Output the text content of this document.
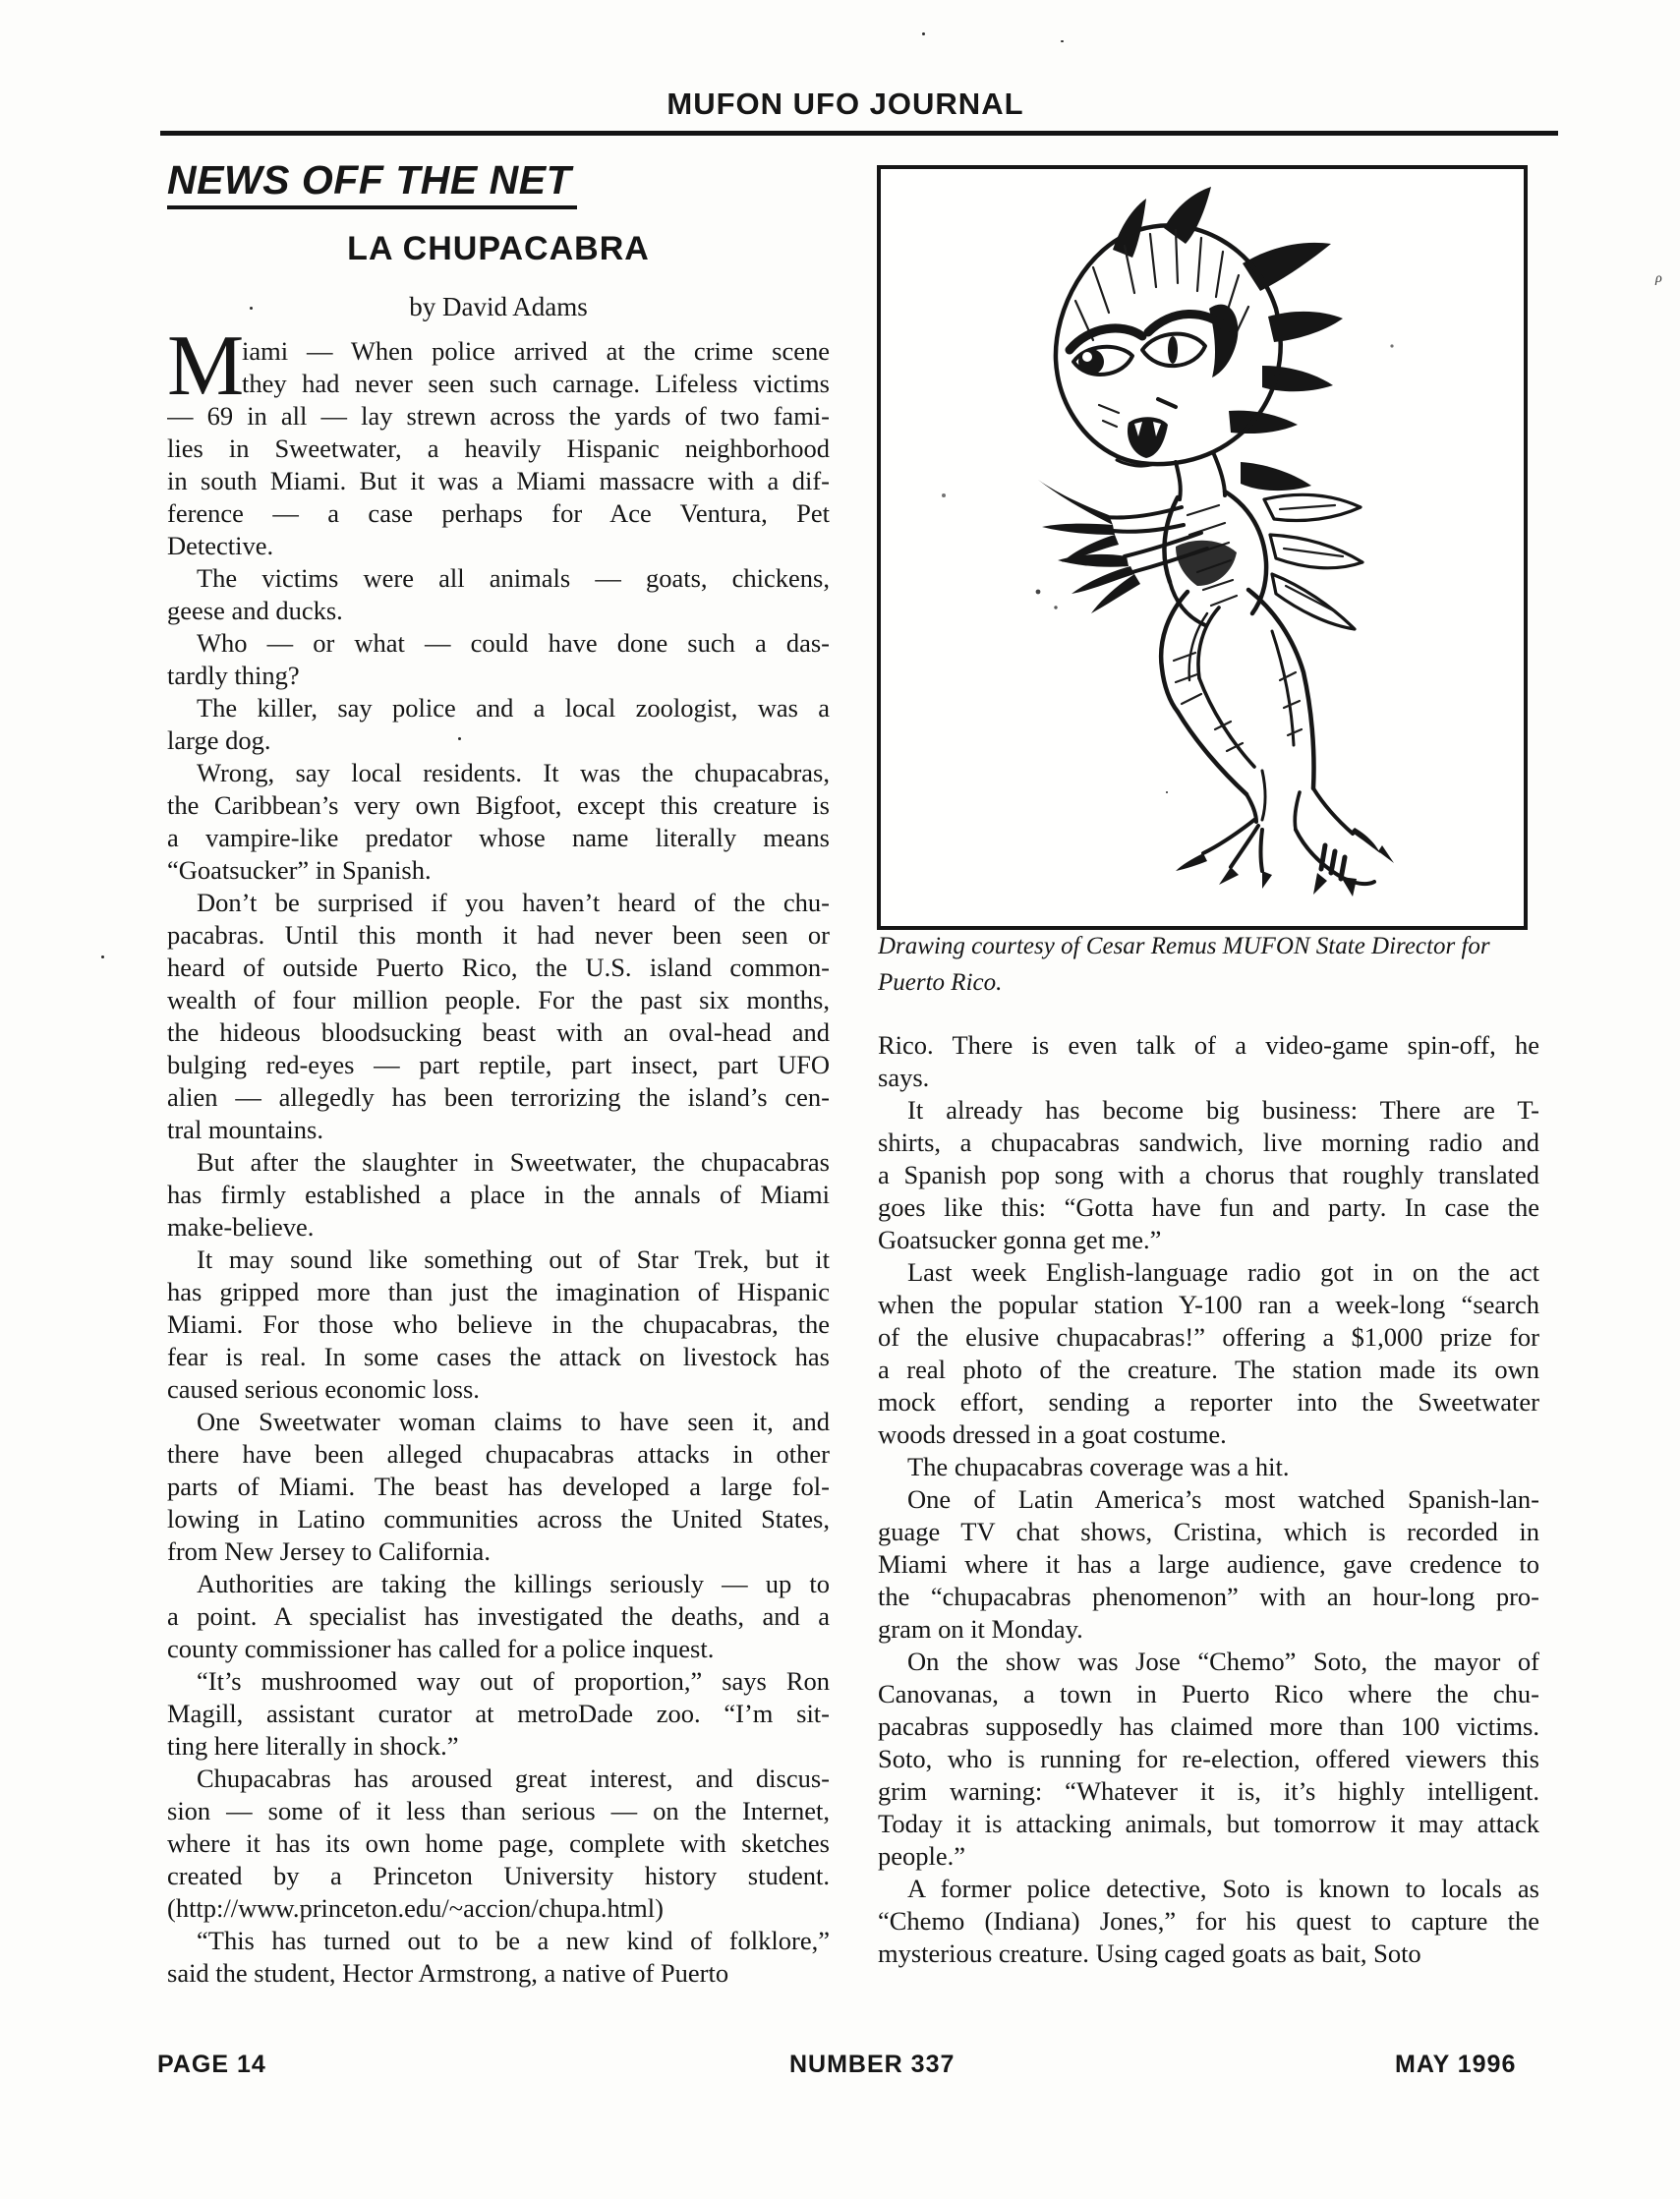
MUFON UFO JOURNAL
NEWS OFF THE NET
LA CHUPACABRA
by David Adams
M iami — When police arrived at the crime scene
they had never seen such carnage. Lifeless victims
— 69 in all — lay strewn across the yards of two fami-
lies in Sweetwater, a heavily Hispanic neighborhood
in south Miami. But it was a Miami massacre with a dif-
ference — a case perhaps for Ace Ventura, Pet
Detective.
The victims were all animals — goats, chickens,
geese and ducks.
Who — or what — could have done such a das-
tardly thing?
The killer, say police and a local zoologist, was a
large dog.
Wrong, say local residents. It was the chupacabras,
the Caribbean’s very own Bigfoot, except this creature is
a vampire-like predator whose name literally means
“Goatsucker” in Spanish.
Don’t be surprised if you haven’t heard of the chu-
pacabras. Until this month it had never been seen or
heard of outside Puerto Rico, the U.S. island common-
wealth of four million people. For the past six months,
the hideous bloodsucking beast with an oval-head and
bulging red-eyes — part reptile, part insect, part UFO
alien — allegedly has been terrorizing the island’s cen-
tral mountains.
But after the slaughter in Sweetwater, the chupacabras
has firmly established a place in the annals of Miami
make-believe.
It may sound like something out of Star Trek, but it
has gripped more than just the imagination of Hispanic
Miami. For those who believe in the chupacabras, the
fear is real. In some cases the attack on livestock has
caused serious economic loss.
One Sweetwater woman claims to have seen it, and
there have been alleged chupacabras attacks in other
parts of Miami. The beast has developed a large fol-
lowing in Latino communities across the United States,
from New Jersey to California.
Authorities are taking the killings seriously — up to
a point. A specialist has investigated the deaths, and a
county commissioner has called for a police inquest.
“It’s mushroomed way out of proportion,” says Ron
Magill, assistant curator at metroDade zoo. “I’m sit-
ting here literally in shock.”
Chupacabras has aroused great interest, and discus-
sion — some of it less than serious — on the Internet,
where it has its own home page, complete with sketches
created by a Princeton University history student.
(http://www.princeton.edu/~accion/chupa.html)
“This has turned out to be a new kind of folklore,”
said the student, Hector Armstrong, a native of Puerto
Drawing courtesy of Cesar Remus MUFON State Director for
Puerto Rico.
Rico. There is even talk of a video-game spin-off, he
says.
It already has become big business: There are T-
shirts, a chupacabras sandwich, live morning radio and
a Spanish pop song with a chorus that roughly translated
goes like this: “Gotta have fun and party. In case the
Goatsucker gonna get me.”
Last week English-language radio got in on the act
when the popular station Y-100 ran a week-long “search
of the elusive chupacabras!” offering a $1,000 prize for
a real photo of the creature. The station made its own
mock effort, sending a reporter into the Sweetwater
woods dressed in a goat costume.
The chupacabras coverage was a hit.
One of Latin America’s most watched Spanish-lan-
guage TV chat shows, Cristina, which is recorded in
Miami where it has a large audience, gave credence to
the “chupacabras phenomenon” with an hour-long pro-
gram on it Monday.
On the show was Jose “Chemo” Soto, the mayor of
Canovanas, a town in Puerto Rico where the chu-
pacabras supposedly has claimed more than 100 victims.
Soto, who is running for re-election, offered viewers this
grim warning: “Whatever it is, it’s highly intelligent.
Today it is attacking animals, but tomorrow it may attack
people.”
A former police detective, Soto is known to locals as
“Chemo (Indiana) Jones,” for his quest to capture the
mysterious creature. Using caged goats as bait, Soto
PAGE 14	NUMBER 337	MAY 1996
ρ
